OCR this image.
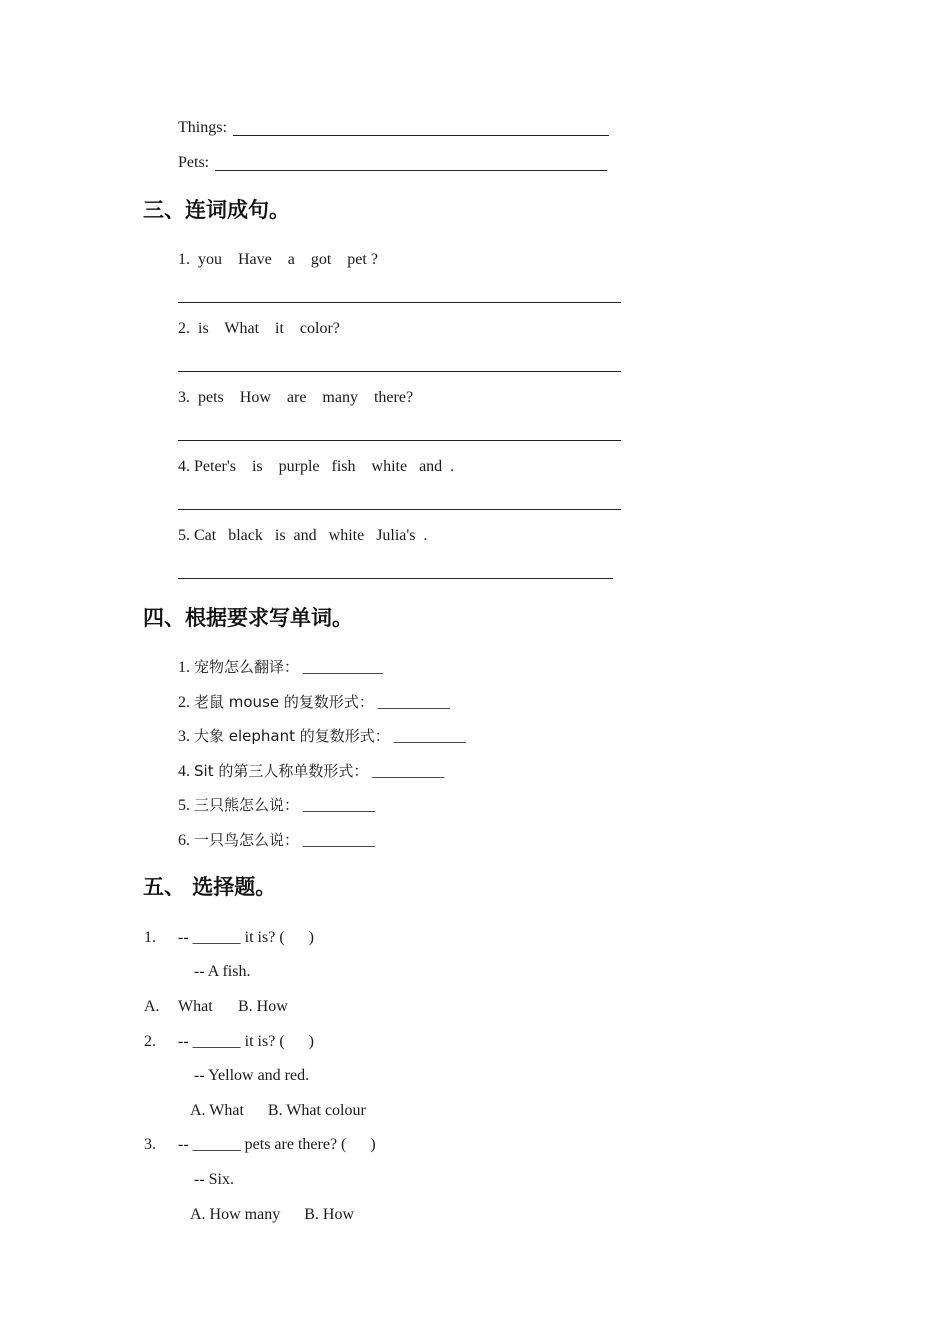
Things:
Pets:
三、连词成句。
1.  you    Have    a    got    pet ?
2.  is    What    it    color?
3.  pets    How    are    many    there?
4. Peter's    is    purple   fish    white   and  .
5. Cat   black   is  and   white   Julia's  .
四、根据要求写单词。
1. 宠物怎么翻译： __________
2. 老鼠 mouse 的复数形式： _________
3. 大象 elephant 的复数形式： _________
4. Sit 的第三人称单数形式： _________
5. 三只熊怎么说： _________
6. 一只鸟怎么说： _________
五、 选择题。
1. -- ______ it is? (      )
-- A fish.
A. What B. How
2. -- ______ it is? (      )
-- Yellow and red.
A. What      B. What colour
3. -- ______ pets are there? (      )
-- Six.
A. How many      B. How
